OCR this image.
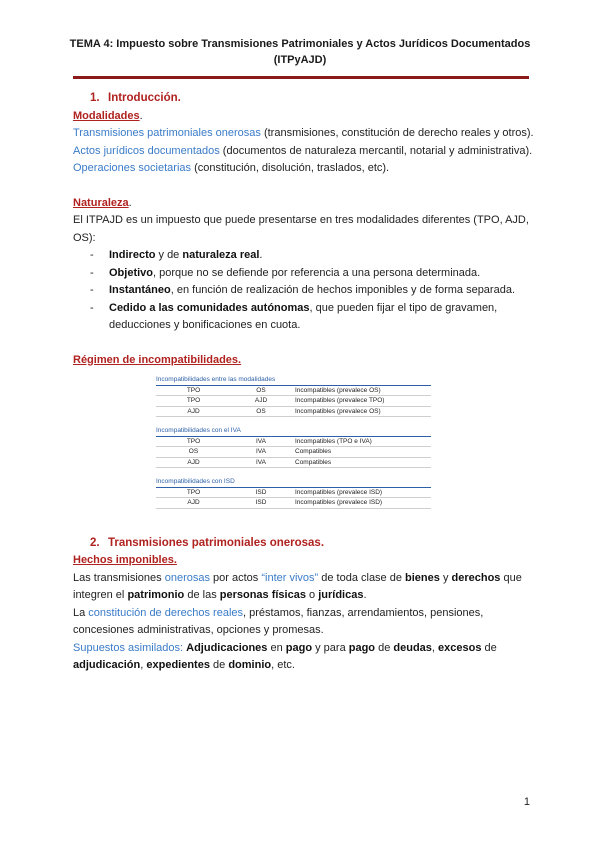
TEMA 4: Impuesto sobre Transmisiones Patrimoniales y Actos Jurídicos Documentados
(ITPyAJD)
1. Introducción.

Modalidades.

Transmisiones patrimoniales onerosas (transmisiones, constitución de derecho reales y otros).

Actos jurídicos documentados (documentos de naturaleza mercantil, notarial y administrativa).

Operaciones societarias (constitución, disolución, traslados, etc).

Naturaleza.

El ITPAJD es un impuesto que puede presentarse en tres modalidades diferentes (TPO, AJD, OS):

- Indirecto y de naturaleza real.
- Objetivo, porque no se defiende por referencia a una persona determinada.
- Instantáneo, en función de realización de hechos imponibles y de forma separada.
- Cedido a las comunidades autónomas, que pueden fijar el tipo de gravamen, deducciones y bonificaciones en cuota.

Régimen de incompatibilidades.

Incompatibilidades entre las modalidades
TPO	OS	Incompatibles (prevalece OS)
TPO	AJD	Incompatibles (prevalece TPO)
AJD	OS	Incompatibles (prevalece OS)
Incompatibilidades con el IVA
TPO	IVA	Incompatibles (TPO e IVA)
OS	IVA	Compatibles
AJD	IVA	Compatibles
Incompatibilidades con ISD
TPO	ISD	Incompatibles (prevalece ISD)
AJD	ISD	Incompatibles (prevalece ISD)
2. Transmisiones patrimoniales onerosas.

Hechos imponibles.

Las transmisiones onerosas por actos “inter vivos” de toda clase de bienes y derechos que integren el patrimonio de las personas físicas o jurídicas.

La constitución de derechos reales, préstamos, fianzas, arrendamientos, pensiones, concesiones administrativas, opciones y promesas.

Supuestos asimilados: Adjudicaciones en pago y para pago de deudas, excesos de adjudicación, expedientes de dominio, etc.

1
